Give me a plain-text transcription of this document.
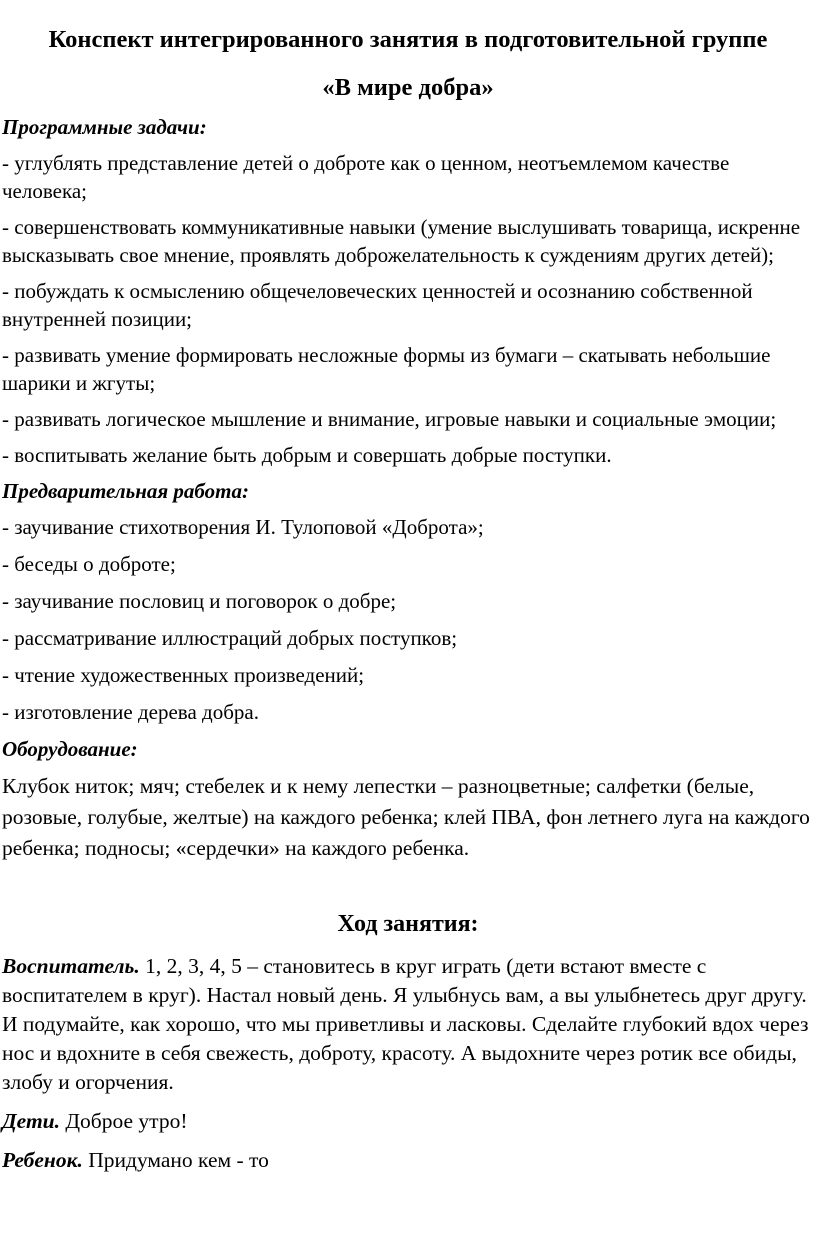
Конспект интегрированного занятия в подготовительной группе
«В мире добра»
Программные задачи:
- углублять представление детей о доброте как о ценном, неотъемлемом качестве человека;
- совершенствовать коммуникативные навыки (умение выслушивать товарища, искренне высказывать свое мнение, проявлять доброжелательность к суждениям других детей);
- побуждать к осмыслению общечеловеческих ценностей и осознанию собственной внутренней позиции;
- развивать умение формировать несложные формы из бумаги – скатывать небольшие шарики и жгуты;
- развивать логическое мышление и внимание, игровые навыки и социальные эмоции;
- воспитывать желание быть добрым и совершать добрые поступки.
Предварительная работа:
- заучивание стихотворения И. Тулоповой «Доброта»;
- беседы о доброте;
- заучивание пословиц и поговорок о добре;
- рассматривание иллюстраций добрых поступков;
- чтение художественных произведений;
- изготовление дерева добра.
Оборудование:
Клубок ниток; мяч; стебелек и к нему лепестки – разноцветные; салфетки (белые, розовые, голубые, желтые) на каждого ребенка; клей ПВА, фон летнего луга на каждого ребенка; подносы; «сердечки» на каждого ребенка.
Ход занятия:
Воспитатель. 1, 2, 3, 4, 5 – становитесь в круг играть (дети встают вместе с воспитателем в круг). Настал новый день. Я улыбнусь вам, а вы улыбнетесь друг другу. И подумайте, как хорошо, что мы приветливы и ласковы. Сделайте глубокий вдох через нос и вдохните в себя свежесть, доброту, красоту. А выдохните через ротик все обиды, злобу и огорчения.
Дети. Доброе утро!
Ребенок. Придумано кем - то
